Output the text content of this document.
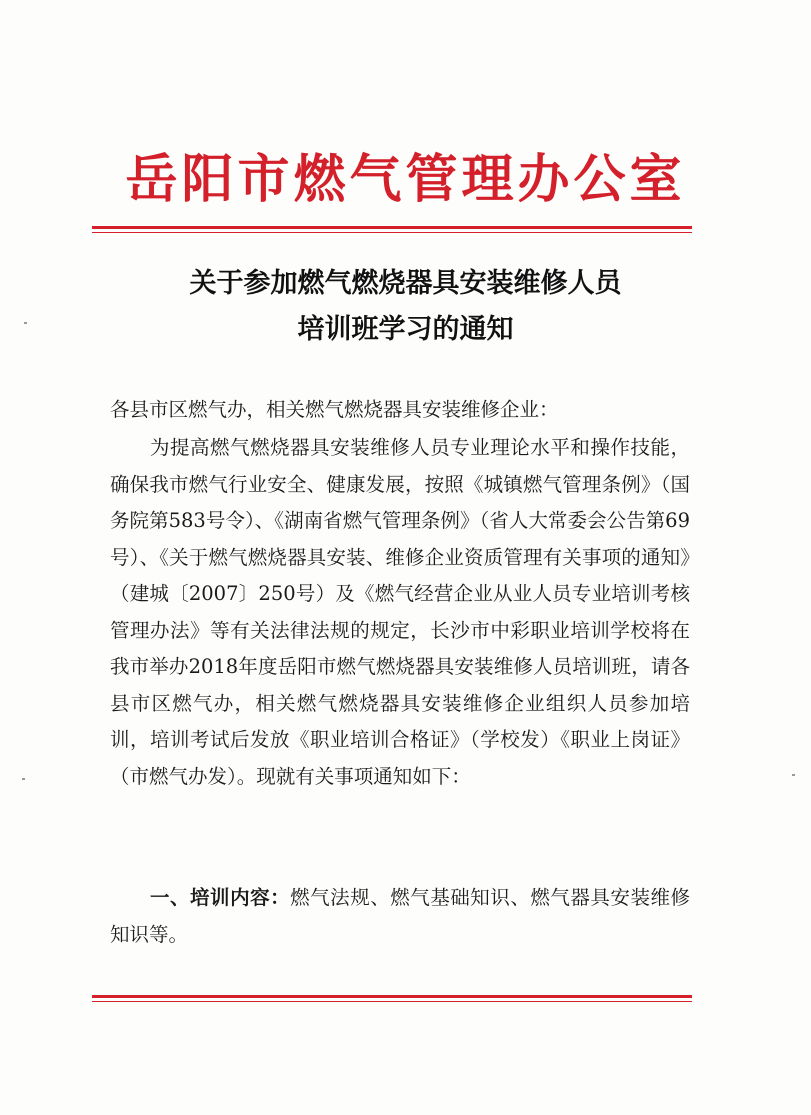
岳阳市燃气管理办公室
关于参加燃气燃烧器具安装维修人员
培训班学习的通知
各县市区燃气办，相关燃气燃烧器具安装维修企业：
为提高燃气燃烧器具安装维修人员专业理论水平和操作技能，确保我市燃气行业安全、健康发展，按照《城镇燃气管理条例》（国务院第583号令）、《湖南省燃气管理条例》（省人大常委会公告第69号）、《关于燃气燃烧器具安装、维修企业资质管理有关事项的通知》（建城〔2007〕250号）及《燃气经营企业从业人员专业培训考核管理办法》等有关法律法规的规定，长沙市中彩职业培训学校将在我市举办2018年度岳阳市燃气燃烧器具安装维修人员培训班，请各县市区燃气办，相关燃气燃烧器具安装维修企业组织人员参加培训，培训考试后发放《职业培训合格证》（学校发）《职业上岗证》（市燃气办发）。现就有关事项通知如下：
一、培训内容：燃气法规、燃气基础知识、燃气器具安装维修知识等。
